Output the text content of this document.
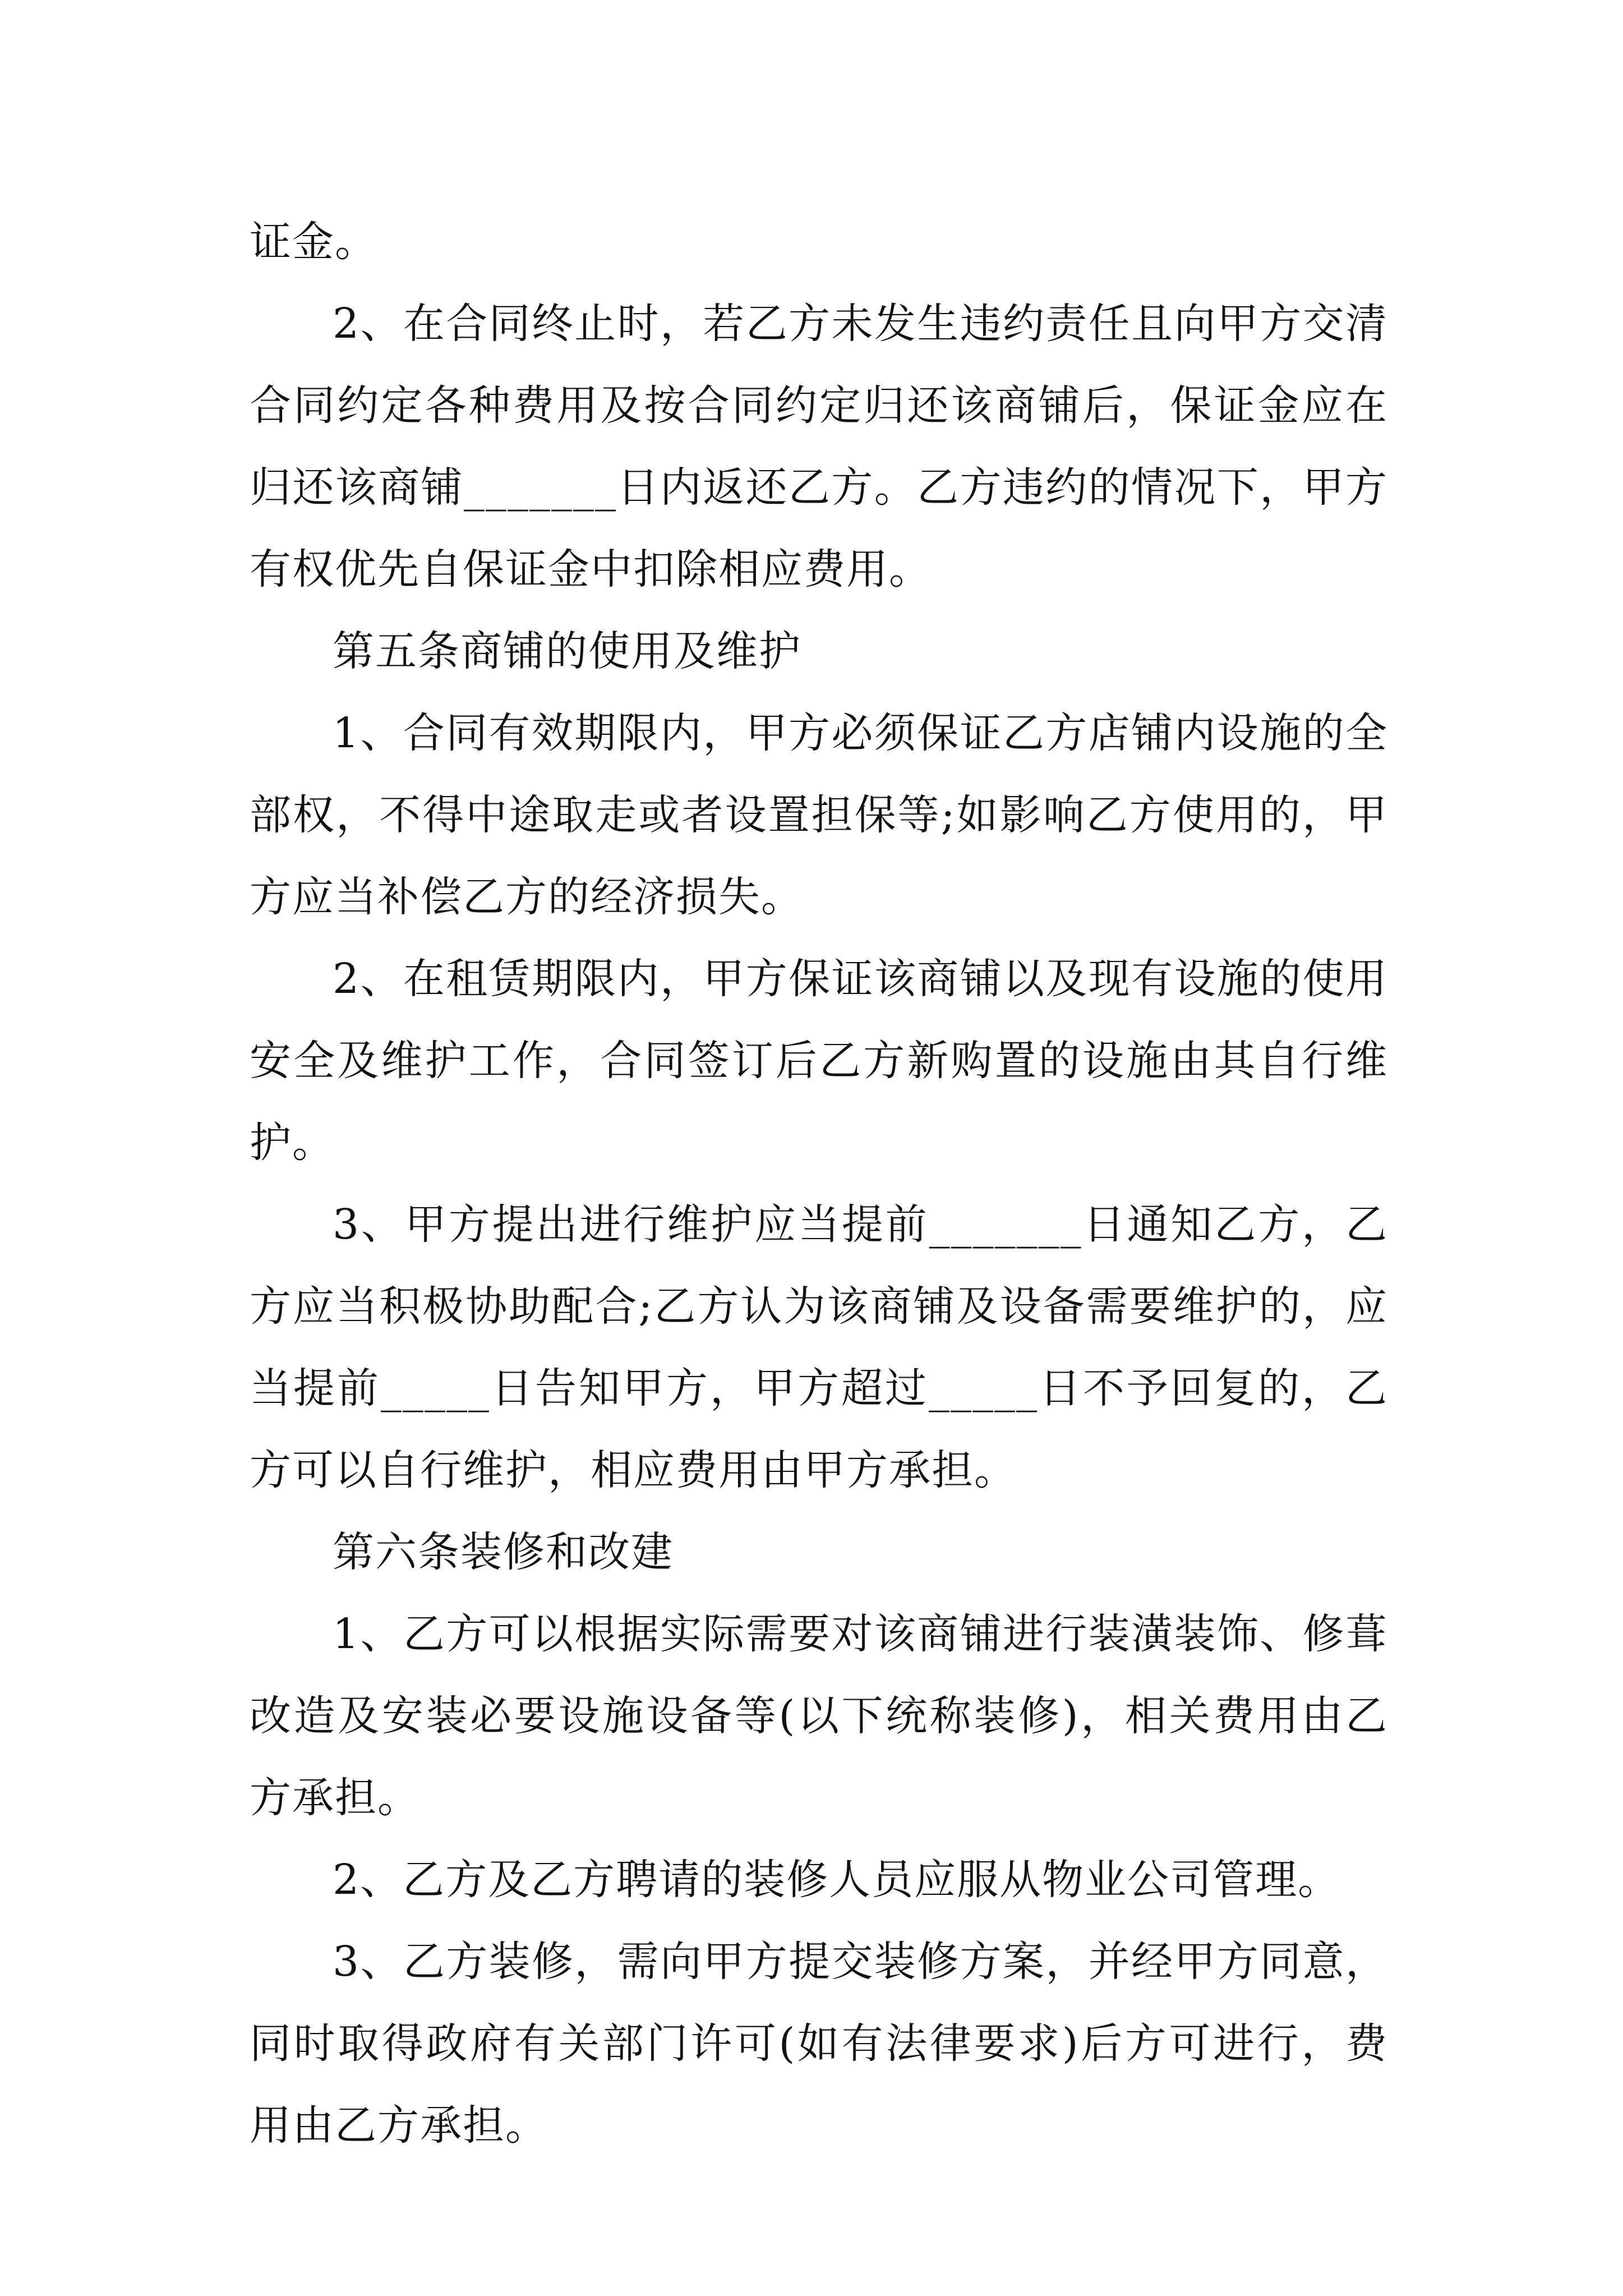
证金。

2、在合同终止时，若乙方未发生违约责任且向甲方交清合同约定各种费用及按合同约定归还该商铺后，保证金应在归还该商铺_______日内返还乙方。乙方违约的情况下，甲方有权优先自保证金中扣除相应费用。

第五条商铺的使用及维护

1、合同有效期限内，甲方必须保证乙方店铺内设施的全部权，不得中途取走或者设置担保等;如影响乙方使用的，甲方应当补偿乙方的经济损失。

2、在租赁期限内，甲方保证该商铺以及现有设施的使用安全及维护工作，合同签订后乙方新购置的设施由其自行维护。

3、甲方提出进行维护应当提前_______日通知乙方，乙方应当积极协助配合;乙方认为该商铺及设备需要维护的，应当提前_____日告知甲方，甲方超过_____日不予回复的，乙方可以自行维护，相应费用由甲方承担。

第六条装修和改建

1、乙方可以根据实际需要对该商铺进行装潢装饰、修葺改造及安装必要设施设备等(以下统称装修)，相关费用由乙方承担。

2、乙方及乙方聘请的装修人员应服从物业公司管理。

3、乙方装修，需向甲方提交装修方案，并经甲方同意，同时取得政府有关部门许可(如有法律要求)后方可进行，费用由乙方承担。
